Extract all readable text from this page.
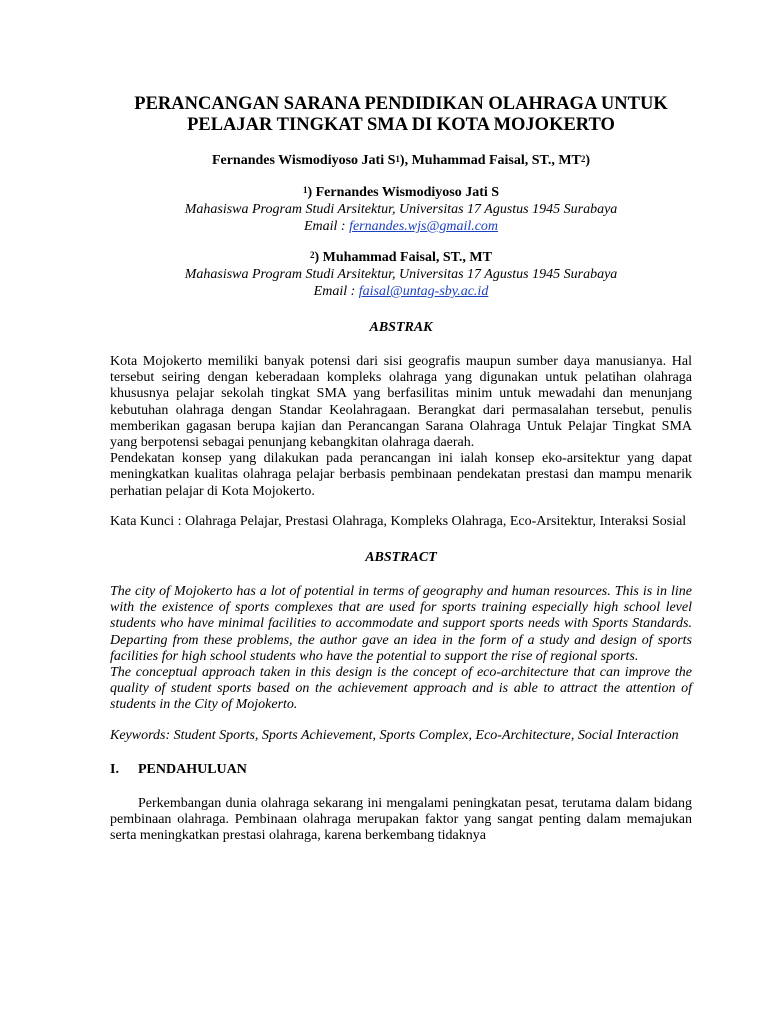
PERANCANGAN SARANA PENDIDIKAN OLAHRAGA UNTUK

PELAJAR TINGKAT SMA DI KOTA MOJOKERTO

Fernandes Wismodiyoso Jati $S^1$), Muhammad Faisal, ST., $MT^2$)
$^1$) Fernandes Wismodiyoso Jati S
Mahasiswa Program Studi Arsitektur, Universitas 17 Agustus 1945 Surabaya
Email : fernandes.wjs@gmail.com
$^2$) Muhammad Faisal, ST., MT
Mahasiswa Program Studi Arsitektur, Universitas 17 Agustus 1945 Surabaya
Email : faisal@untag-sby.ac.id
ABSTRAK

Kota Mojokerto memiliki banyak potensi dari sisi geografis maupun sumber daya manusianya. Hal tersebut seiring dengan keberadaan kompleks olahraga yang digunakan untuk pelatihan olahraga khususnya pelajar sekolah tingkat SMA yang berfasilitas minim untuk mewadahi dan menunjang kebutuhan olahraga dengan Standar Keolahragaan. Berangkat dari permasalahan tersebut, penulis memberikan gagasan berupa kajian dan Perancangan Sarana Olahraga Untuk Pelajar Tingkat SMA yang berpotensi sebagai penunjang kebangkitan olahraga daerah.

Pendekatan konsep yang dilakukan pada perancangan ini ialah konsep eko-arsitektur yang dapat meningkatkan kualitas olahraga pelajar berbasis pembinaan pendekatan prestasi dan mampu menarik perhatian pelajar di Kota Mojokerto.

Kata Kunci : Olahraga Pelajar, Prestasi Olahraga, Kompleks Olahraga, Eco-Arsitektur, Interaksi Sosial

ABSTRACT

The city of Mojokerto has a lot of potential in terms of geography and human resources. This is in line with the existence of sports complexes that are used for sports training especially high school level students who have minimal facilities to accommodate and support sports needs with Sports Standards. Departing from these problems, the author gave an idea in the form of a study and design of sports facilities for high school students who have the potential to support the rise of regional sports.

The conceptual approach taken in this design is the concept of eco-architecture that can improve the quality of student sports based on the achievement approach and is able to attract the attention of students in the City of Mojokerto.

Keywords: Student Sports, Sports Achievement, Sports Complex, Eco-Architecture, Social Interaction

I.	PENDAHULUAN

Perkembangan dunia olahraga sekarang ini mengalami peningkatan pesat, terutama dalam bidang pembinaan olahraga. Pembinaan olahraga merupakan faktor yang sangat penting dalam memajukan serta meningkatkan prestasi olahraga, karena berkembang tidaknya
